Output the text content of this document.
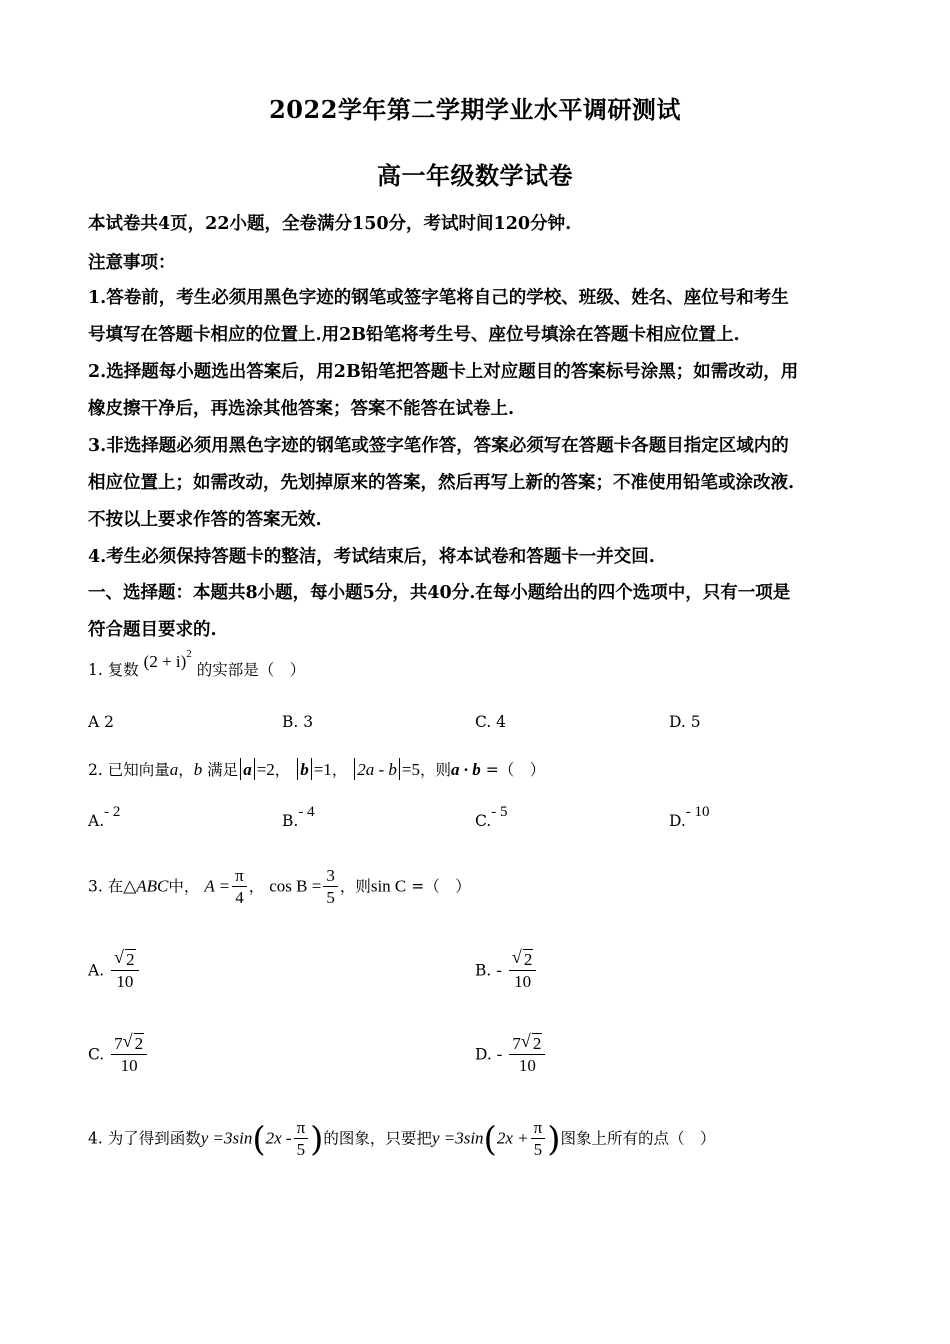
2022学年第二学期学业水平调研测试
高一年级数学试卷
本试卷共4页，22小题，全卷满分150分，考试时间120分钟.
注意事项：
1.答卷前，考生必须用黑色字迹的钢笔或签字笔将自己的学校、班级、姓名、座位号和考生
号填写在答题卡相应的位置上.用2B铅笔将考生号、座位号填涂在答题卡相应位置上.
2.选择题每小题选出答案后，用2B铅笔把答题卡上对应题目的答案标号涂黑；如需改动，用
橡皮擦干净后，再选涂其他答案；答案不能答在试卷上.
3.非选择题必须用黑色字迹的钢笔或签字笔作答，答案必须写在答题卡各题目指定区域内的
相应位置上；如需改动，先划掉原来的答案，然后再写上新的答案；不准使用铅笔或涂改液.
不按以上要求作答的答案无效.
4.考生必须保持答题卡的整洁，考试结束后，将本试卷和答题卡一并交回.
一、选择题：本题共8小题，每小题5分，共40分.在每小题给出的四个选项中，只有一项是
符合题目要求的.
1. 复数 $(2 + i)^2$ 的实部是（　）
A 2	B. 3	C. 4	D. 5
2. 已知向量a，b 满足 a =2， b =1， 2a - b =5，则a · b =（　）
A.- 2	B.- 4	C.- 5	D.- 10
3. 在△ABC中， $A = \frac{\pi}{4}$ ， $\cos B = \frac{3}{5}$ ，则sin C =（　）
A. $\frac{√ 2}{10}$	B. - $\frac{√ 2}{10}$
C. $\frac{7 √ 2}{10}$	D. - $\frac{7 √ 2}{10}$
4. 为了得到函数$y =3\sin(2x - \frac{\pi}{5}$ )的图象，只要把$y =3\sin(2x + \frac{\pi}{5}$ )图象上所有的点（　）
